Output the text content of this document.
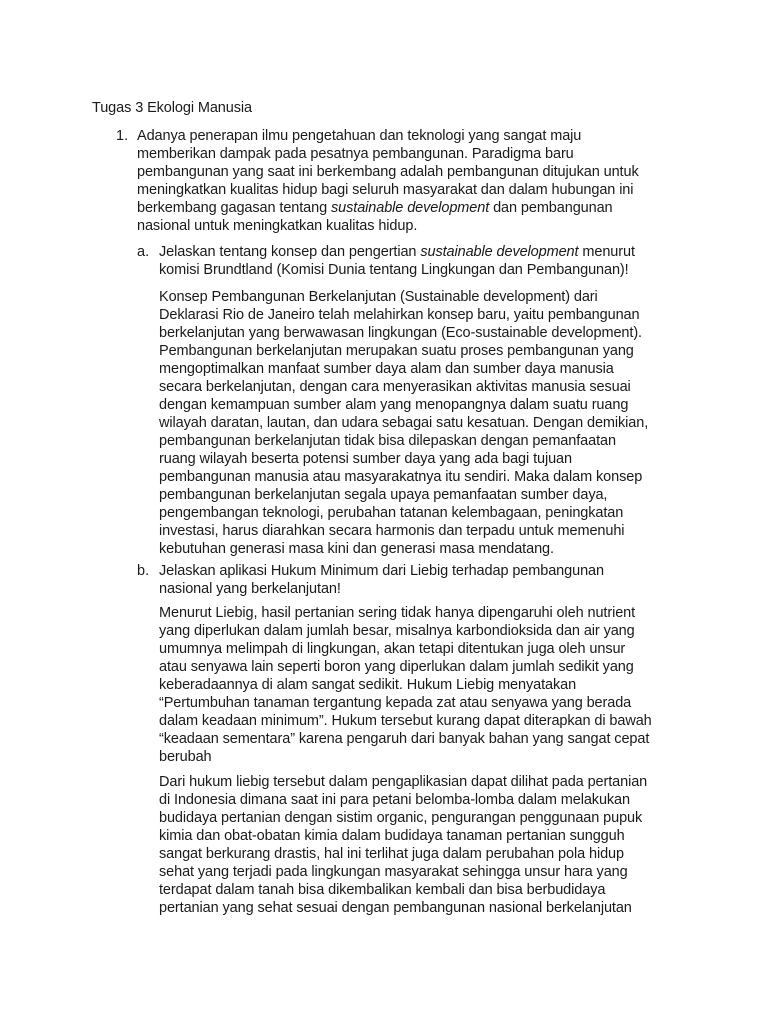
Tugas 3 Ekologi Manusia
1. Adanya penerapan ilmu pengetahuan dan teknologi yang sangat maju
memberikan dampak pada pesatnya pembangunan. Paradigma baru
pembangunan yang saat ini berkembang adalah pembangunan ditujukan untuk
meningkatkan kualitas hidup bagi seluruh masyarakat dan dalam hubungan ini
berkembang gagasan tentang sustainable development dan pembangunan
nasional untuk meningkatkan kualitas hidup.
a. Jelaskan tentang konsep dan pengertian sustainable development menurut
komisi Brundtland (Komisi Dunia tentang Lingkungan dan Pembangunan)!
Konsep Pembangunan Berkelanjutan (Sustainable development) dari
Deklarasi Rio de Janeiro telah melahirkan konsep baru, yaitu pembangunan
berkelanjutan yang berwawasan lingkungan (Eco-sustainable development).
Pembangunan berkelanjutan merupakan suatu proses pembangunan yang
mengoptimalkan manfaat sumber daya alam dan sumber daya manusia
secara berkelanjutan, dengan cara menyerasikan aktivitas manusia sesuai
dengan kemampuan sumber alam yang menopangnya dalam suatu ruang
wilayah daratan, lautan, dan udara sebagai satu kesatuan. Dengan demikian,
pembangunan berkelanjutan tidak bisa dilepaskan dengan pemanfaatan
ruang wilayah beserta potensi sumber daya yang ada bagi tujuan
pembangunan manusia atau masyarakatnya itu sendiri. Maka dalam konsep
pembangunan berkelanjutan segala upaya pemanfaatan sumber daya,
pengembangan teknologi, perubahan tatanan kelembagaan, peningkatan
investasi, harus diarahkan secara harmonis dan terpadu untuk memenuhi
kebutuhan generasi masa kini dan generasi masa mendatang.
b. Jelaskan aplikasi Hukum Minimum dari Liebig terhadap pembangunan
nasional yang berkelanjutan!
Menurut Liebig, hasil pertanian sering tidak hanya dipengaruhi oleh nutrient
yang diperlukan dalam jumlah besar, misalnya karbondioksida dan air yang
umumnya melimpah di lingkungan, akan tetapi ditentukan juga oleh unsur
atau senyawa lain seperti boron yang diperlukan dalam jumlah sedikit yang
keberadaannya di alam sangat sedikit. Hukum Liebig menyatakan
“Pertumbuhan tanaman tergantung kepada zat atau senyawa yang berada
dalam keadaan minimum”. Hukum tersebut kurang dapat diterapkan di bawah
“keadaan sementara” karena pengaruh dari banyak bahan yang sangat cepat
berubah
Dari hukum liebig tersebut dalam pengaplikasian dapat dilihat pada pertanian
di Indonesia dimana saat ini para petani belomba-lomba dalam melakukan
budidaya pertanian dengan sistim organic, pengurangan penggunaan pupuk
kimia dan obat-obatan kimia dalam budidaya tanaman pertanian sungguh
sangat berkurang drastis, hal ini terlihat juga dalam perubahan pola hidup
sehat yang terjadi pada lingkungan masyarakat sehingga unsur hara yang
terdapat dalam tanah bisa dikembalikan kembali dan bisa berbudidaya
pertanian yang sehat sesuai dengan pembangunan nasional berkelanjutan
